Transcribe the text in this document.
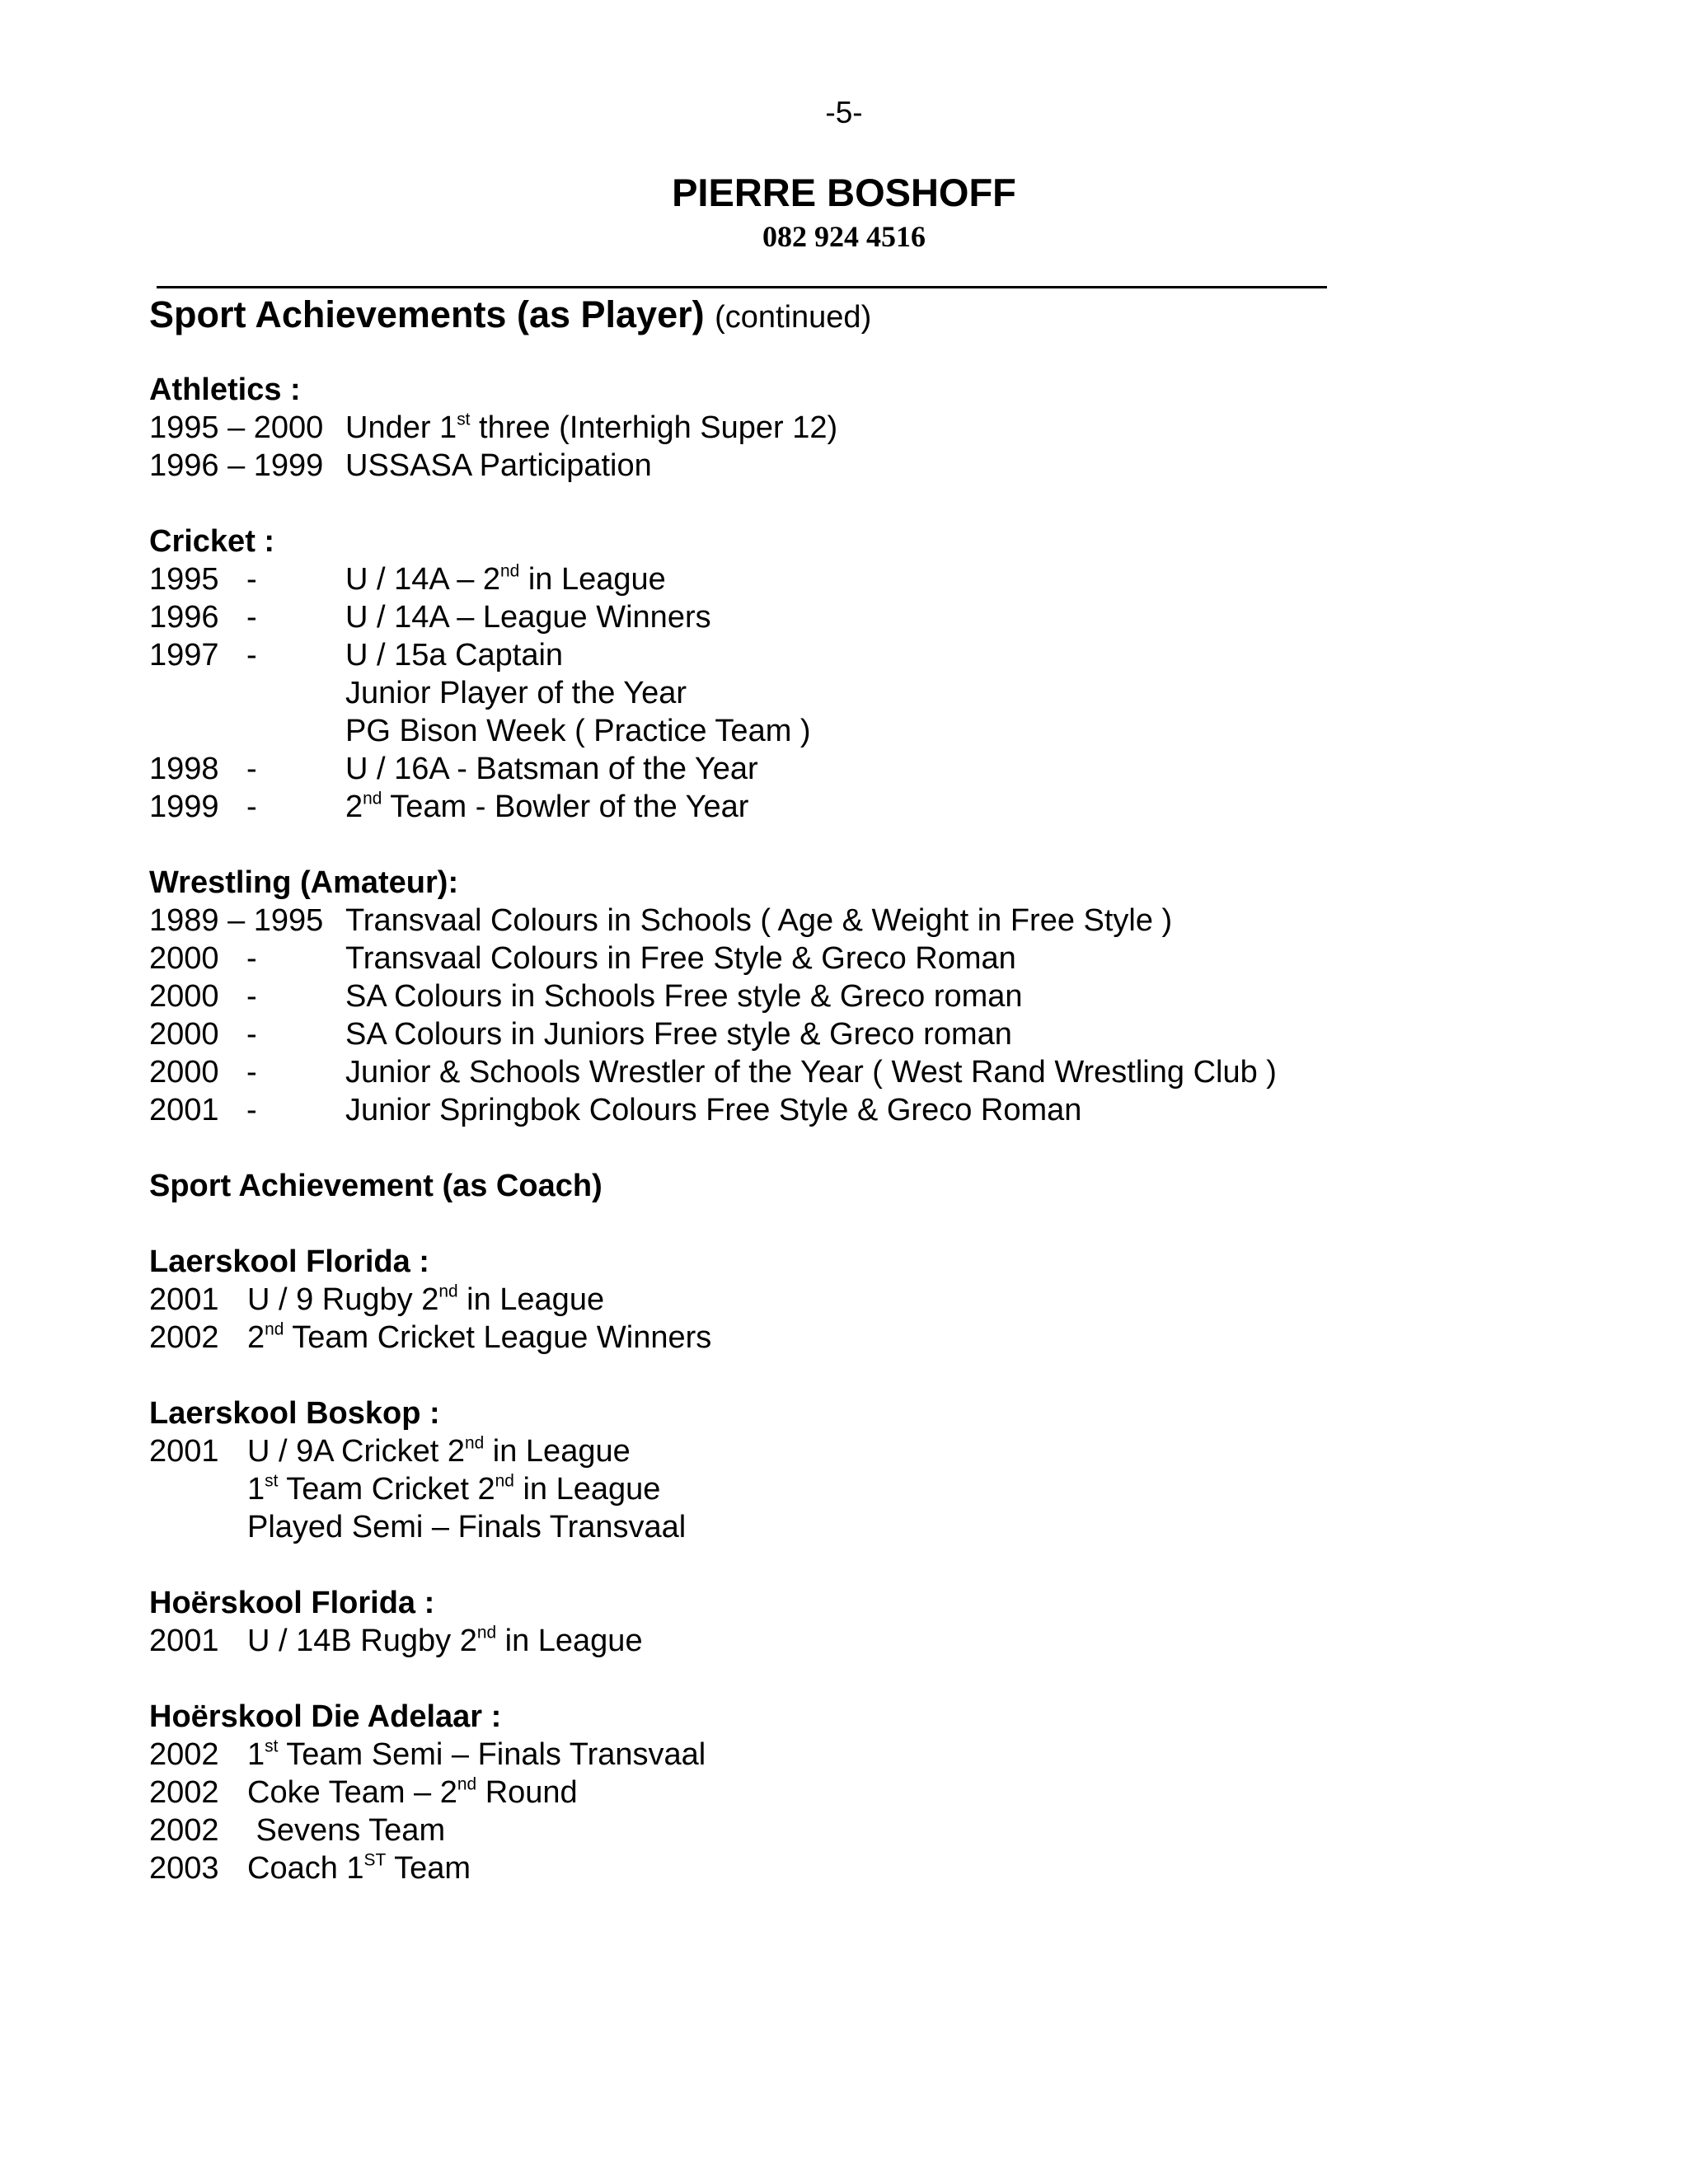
-5-
PIERRE BOSHOFF
082 924 4516
Sport Achievements (as Player) (continued)
Athletics :
1995 – 2000 Under 1st three (Interhigh Super 12)
1996 – 1999 USSASA Participation
Cricket :
1995 -	U / 14A – 2nd in League
1996 -	U / 14A – League Winners
1997 -	U / 15a Captain
Junior Player of the Year
PG Bison Week ( Practice Team )
1998 -	U / 16A - Batsman of the Year
1999 -	2nd Team - Bowler of the Year
Wrestling (Amateur):
1989 – 1995 Transvaal Colours in Schools ( Age & Weight in Free Style )
2000 -	Transvaal Colours in Free Style & Greco Roman
2000 -	SA Colours in Schools Free style & Greco roman
2000 -	SA Colours in Juniors Free style & Greco roman
2000 -	Junior & Schools Wrestler of the Year ( West Rand Wrestling Club )
2001 -	Junior Springbok Colours Free Style & Greco Roman
Sport Achievement (as Coach)
Laerskool Florida :
2001 U / 9 Rugby 2nd in League
2002 2nd Team Cricket League Winners
Laerskool Boskop :
2001 U / 9A Cricket 2nd in League
1st Team Cricket 2nd in League
Played Semi – Finals Transvaal
Hoërskool Florida :
2001 U / 14B Rugby 2nd in League
Hoërskool Die Adelaar :
2002 1st Team Semi – Finals Transvaal
2002 Coke Team – 2nd Round
2002 Sevens Team
2003 Coach 1ST Team
